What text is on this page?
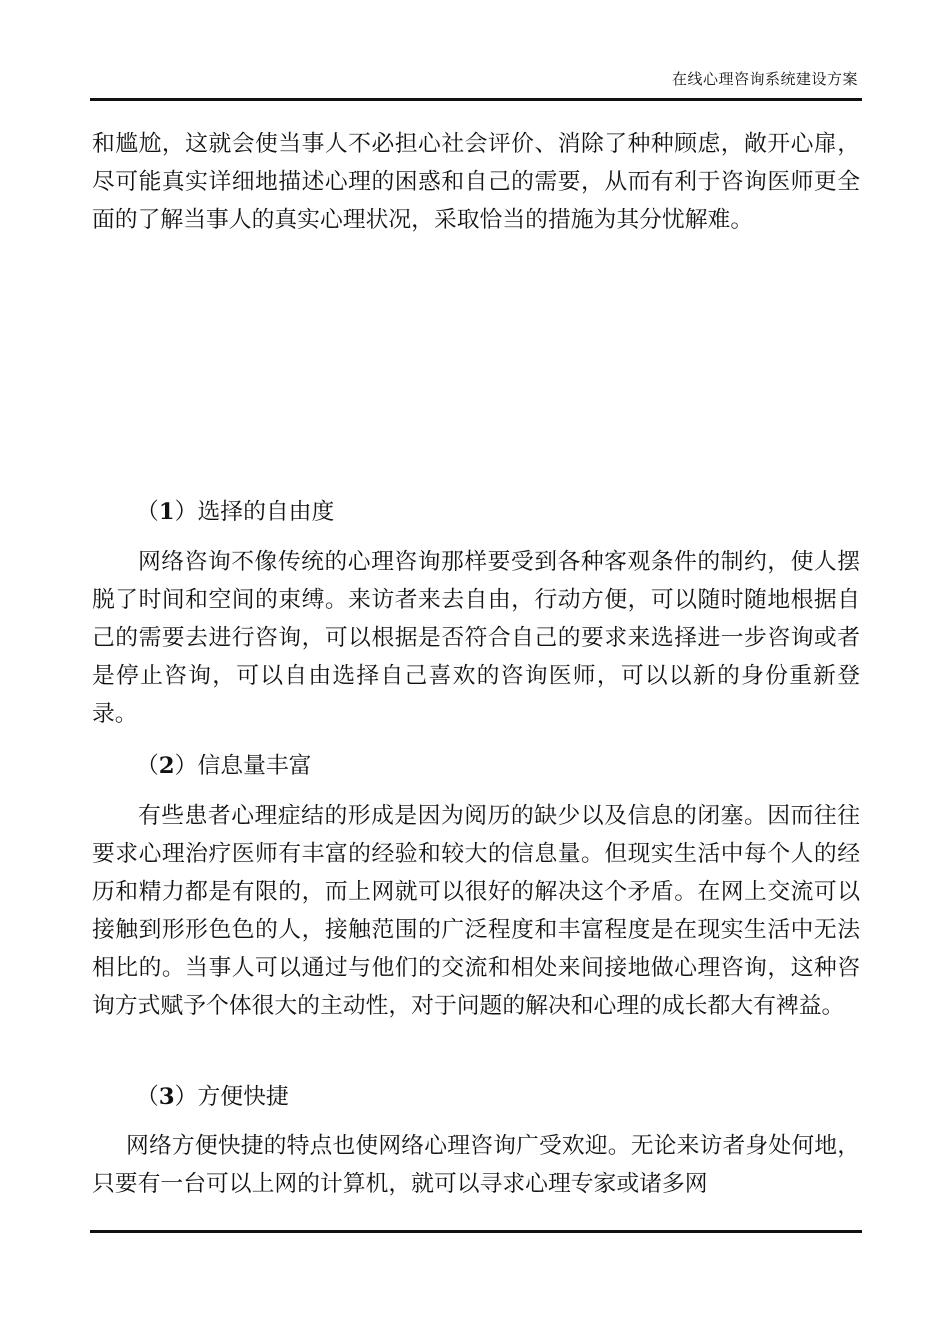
在线心理咨询系统建设方案

和尴尬，这就会使当事人不必担心社会评价、消除了种种顾虑，敞开心扉，尽可能真实详细地描述心理的困惑和自己的需要，从而有利于咨询医师更全面的了解当事人的真实心理状况，采取恰当的措施为其分忧解难。

（1）选择的自由度

网络咨询不像传统的心理咨询那样要受到各种客观条件的制约，使人摆脱了时间和空间的束缚。来访者来去自由，行动方便，可以随时随地根据自己的需要去进行咨询，可以根据是否符合自己的要求来选择进一步咨询或者是停止咨询，可以自由选择自己喜欢的咨询医师，可以以新的身份重新登录。

（2）信息量丰富

有些患者心理症结的形成是因为阅历的缺少以及信息的闭塞。因而往往要求心理治疗医师有丰富的经验和较大的信息量。但现实生活中每个人的经历和精力都是有限的，而上网就可以很好的解决这个矛盾。在网上交流可以接触到形形色色的人，接触范围的广泛程度和丰富程度是在现实生活中无法相比的。当事人可以通过与他们的交流和相处来间接地做心理咨询，这种咨询方式赋予个体很大的主动性，对于问题的解决和心理的成长都大有裨益。

（3）方便快捷

网络方便快捷的特点也使网络心理咨询广受欢迎。无论来访者身处何地，只要有一台可以上网的计算机，就可以寻求心理专家或诸多网
